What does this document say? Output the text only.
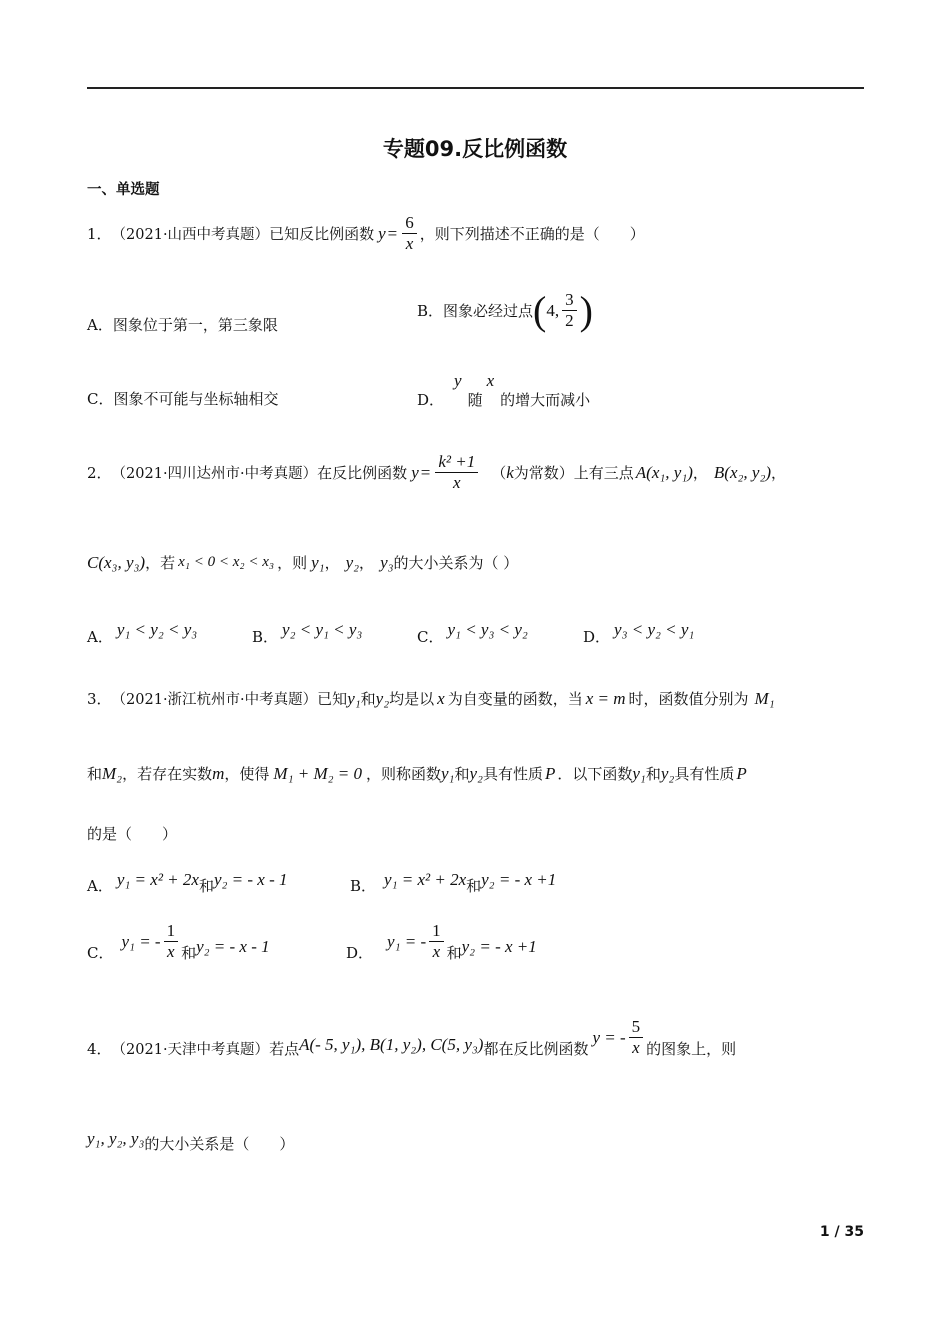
专题09.反比例函数
一、单选题
1． （2021·山西中考真题） 已知反比例函数 $y = \frac{6}{x}$ ，则下列描述不正确的是（　　）
A．图象位于第一，第三象限
B．图象必经过点 ( 4, $\frac{3}{2}$ )
C．图象不可能与坐标轴相交	D．
y
随
x
的增大而减小
2． （2021·四川达州市·中考真题） 在反比例函数 $y = \frac{\text{k² +1}}{x}$ （ k 为常数）上有三点 A(x₁, y₁) ， B(x₂, y₂) ，
C(x₃, y₃) ，若 x₁ < 0 < x₂ < x₃ ，则 y₁ ， y₂ ， y₃ 的大小关系为（ ）
A． y₁ < y₂ < y₃	B． y₂ < y₁ < y₃	C． y₁ < y₃ < y₂	D． y₃ < y₂ < y₁
3． （2021·浙江杭州市·中考真题） 已知 y₁ 和 y₂ 均是以 x 为自变量的函数，当 x = m 时，函数值分别为 M₁
和 M₂ ，若存在实数 m ，使得 M₁ + M₂ = 0 ，则称函数 y₁ 和 y₂ 具有性质 P ．以下函数 y₁ 和 y₂ 具有性质 P
的是（　　）
A． y₁ = x² + 2x 和 y₂ = - x - 1	B． y₁ = x² + 2x 和 y₂ = - x +1
C．
y₁ = - $\frac{1}{x}$ 和 y₂ = - x - 1	D．
y₁ = - $\frac{1}{x}$ 和 y₂ = - x +1
4． （2021·天津中考真题） 若点 A(- 5, y₁), B(1, y₂), C(5, y₃) 都在反比例函数
y = - $\frac{5}{x}$ 的图象上，则
y₁, y₂, y₃ 的大小关系是（　　）
1 / 35
